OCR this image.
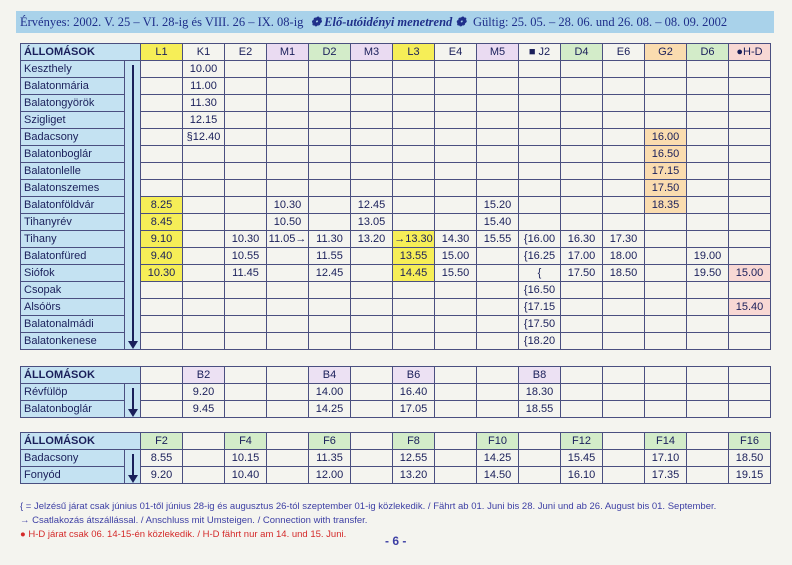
Érvényes: 2002. V. 25 – VI. 28-ig és VIII. 26 – IX. 08-ig ❁ Elő-utóidényi menetrend ❁ Gültig: 25. 05. – 28. 06. und 26. 08. – 08. 09. 2002
ÁLLOMÁSOK		L1	K1	E2	M1	D2	M3	L3	E4	M5	■ J2	D4	E6	G2	D6	●H-D
Keszthely			10.00													
Balatonmária			11.00													
Balatongyörök			11.30													
Szigliget			12.15													
Badacsony			§12.40											16.00		
Balatonboglár														16.50		
Balatonlelle														17.15		
Balatonszemes														17.50		
Balatonföldvár		8.25			10.30		12.45			15.20				18.35		
Tihanyrév		8.45			10.50		13.05			15.40						
Tihany		9.10		10.30	11.05→	11.30	13.20	→13.30	14.30	15.55	{16.00	16.30	17.30			
Balatonfüred		9.40		10.55		11.55		13.55	15.00		{16.25	17.00	18.00		19.00	
Siófok		10.30		11.45		12.45		14.45	15.50		{	17.50	18.50		19.50	15.00
Csopak											{16.50					
Alsóörs											{17.15					15.40
Balatonalmádi											{17.50					
Balatonkenese											{18.20					
ÁLLOMÁSOK			B2			B4		B6			B8					
Révfülöp			9.20			14.00		16.40			18.30					
Balatonboglár			9.45			14.25		17.05			18.55					
ÁLLOMÁSOK		F2		F4		F6		F8		F10		F12		F14		F16
Badacsony		8.55		10.15		11.35		12.55		14.25		15.45		17.10		18.50
Fonyód		9.20		10.40		12.00		13.20		14.50		16.10		17.35		19.15
{ = Jelzésű járat csak június 01-től június 28-ig és augusztus 26-tól szeptember 01-ig közlekedik. / Fährt ab 01. Juni bis 28. Juni und ab 26. August bis 01. September.
→ Csatlakozás átszállással. / Anschluss mit Umsteigen. / Connection with transfer.
● H-D járat csak 06. 14-15-én közlekedik. / H-D fährt nur am 14. und 15. Juni.	- 6 -
